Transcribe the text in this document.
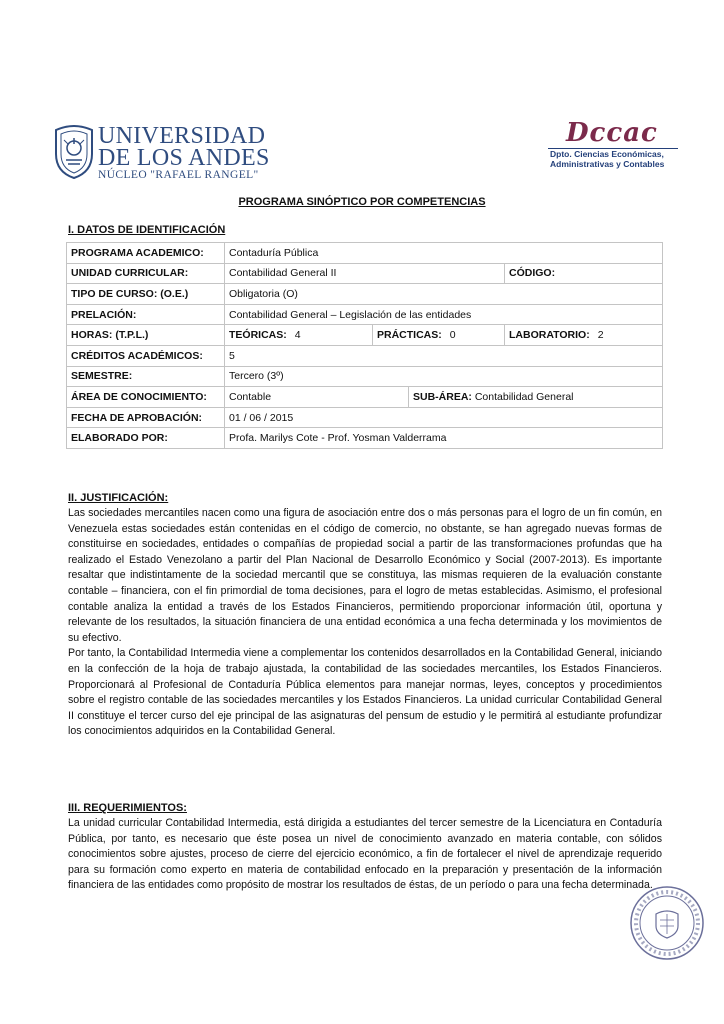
UNIVERSIDAD
DE LOS ANDES
NÚCLEO "RAFAEL RANGEL"
Dccac
Dpto. Ciencias Económicas,
Administrativas y Contables
PROGRAMA SINÓPTICO POR COMPETENCIAS
I. DATOS DE IDENTIFICACIÓN
PROGRAMA ACADEMICO:	Contaduría Pública			
UNIDAD CURRICULAR:	Contabilidad General II			CÓDIGO:
TIPO DE CURSO: (O.E.)	Obligatoria (O)			
PRELACIÓN:	Contabilidad General – Legislación de las entidades			
HORAS: (T.P.L.)	TEÓRICAS: 4	PRÁCTICAS: 0		LABORATORIO: 2
CRÉDITOS ACADÉMICOS:	5			
SEMESTRE:	Tercero (3º)			
ÁREA DE CONOCIMIENTO:	Contable		SUB-ÁREA: Contabilidad General	
FECHA DE APROBACIÓN:	01 / 06 / 2015			
ELABORADO POR:	Profa. Marilys Cote - Prof. Yosman Valderrama			
II. JUSTIFICACIÓN:

Las sociedades mercantiles nacen como una figura de asociación entre dos o más personas para el logro de un fin común, en Venezuela estas sociedades están contenidas en el código de comercio, no obstante, se han agregado nuevas formas de constituirse en sociedades, entidades o compañías de propiedad social a partir de las transformaciones profundas que ha realizado el Estado Venezolano a partir del Plan Nacional de Desarrollo Económico y Social (2007-2013). Es importante resaltar que indistintamente de la sociedad mercantil que se constituya, las mismas requieren de la evaluación constante contable – financiera, con el fin primordial de toma decisiones, para el logro de metas establecidas. Asimismo, el profesional contable analiza la entidad a través de los Estados Financieros, permitiendo proporcionar información útil, oportuna y relevante de los resultados, la situación financiera de una entidad económica a una fecha determinada y los movimientos de su efectivo.

Por tanto, la Contabilidad Intermedia viene a complementar los contenidos desarrollados en la Contabilidad General, iniciando en la confección de la hoja de trabajo ajustada, la contabilidad de las sociedades mercantiles, los Estados Financieros. Proporcionará al Profesional de Contaduría Pública elementos para manejar normas, leyes, conceptos y procedimientos sobre el registro contable de las sociedades mercantiles y los Estados Financieros. La unidad curricular Contabilidad General II constituye el tercer curso del eje principal de las asignaturas del pensum de estudio y le permitirá al estudiante profundizar los conocimientos adquiridos en la Contabilidad General.

III. REQUERIMIENTOS:

La unidad curricular Contabilidad Intermedia, está dirigida a estudiantes del tercer semestre de la Licenciatura en Contaduría Pública, por tanto, es necesario que éste posea un nivel de conocimiento avanzado en materia contable, con sólidos conocimientos sobre ajustes, proceso de cierre del ejercicio económico, a fin de fortalecer el nivel de aprendizaje requerido para su formación como experto en materia de contabilidad enfocado en la preparación y presentación de la información financiera de las entidades como propósito de mostrar los resultados de éstas, de un período o para una fecha determinada.
